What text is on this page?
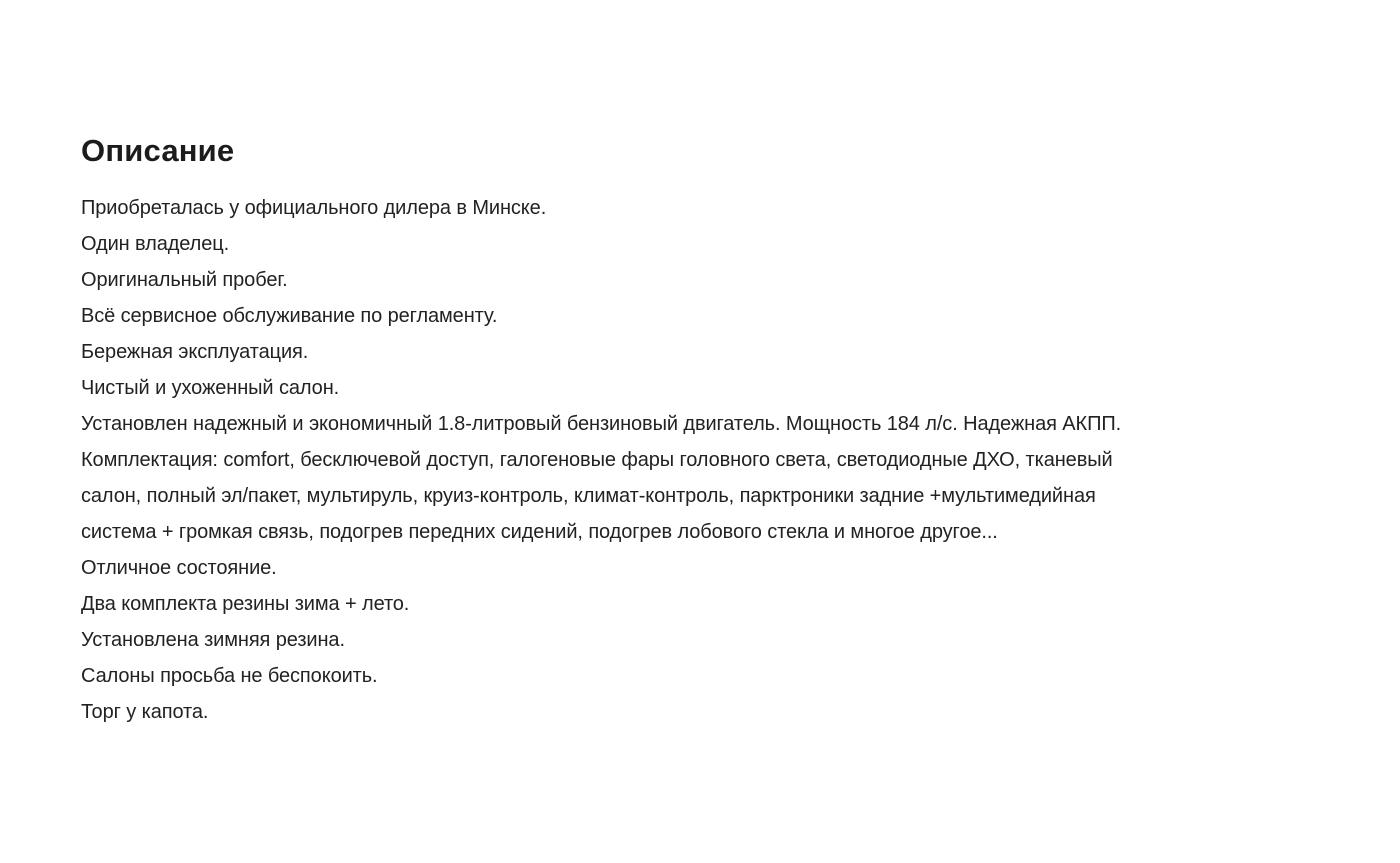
Описание
Приобреталась у официального дилера в Минске.
Один владелец.
Оригинальный пробег.
Всё сервисное обслуживание по регламенту.
Бережная эксплуатация.
Чистый и ухоженный салон.
Установлен надежный и экономичный 1.8-литровый бензиновый двигатель. Мощность 184 л/с. Надежная АКПП.
Комплектация: comfort, бесключевой доступ, галогеновые фары головного света, светодиодные ДХО, тканевый
салон, полный эл/пакет, мультируль, круиз-контроль, климат-контроль, парктроники задние +мультимедийная
система + громкая связь, подогрев передних сидений, подогрев лобового стекла и многое другое...
Отличное состояние.
Два комплекта резины зима + лето.
Установлена зимняя резина.
Салоны просьба не беспокоить.
Торг у капота.
